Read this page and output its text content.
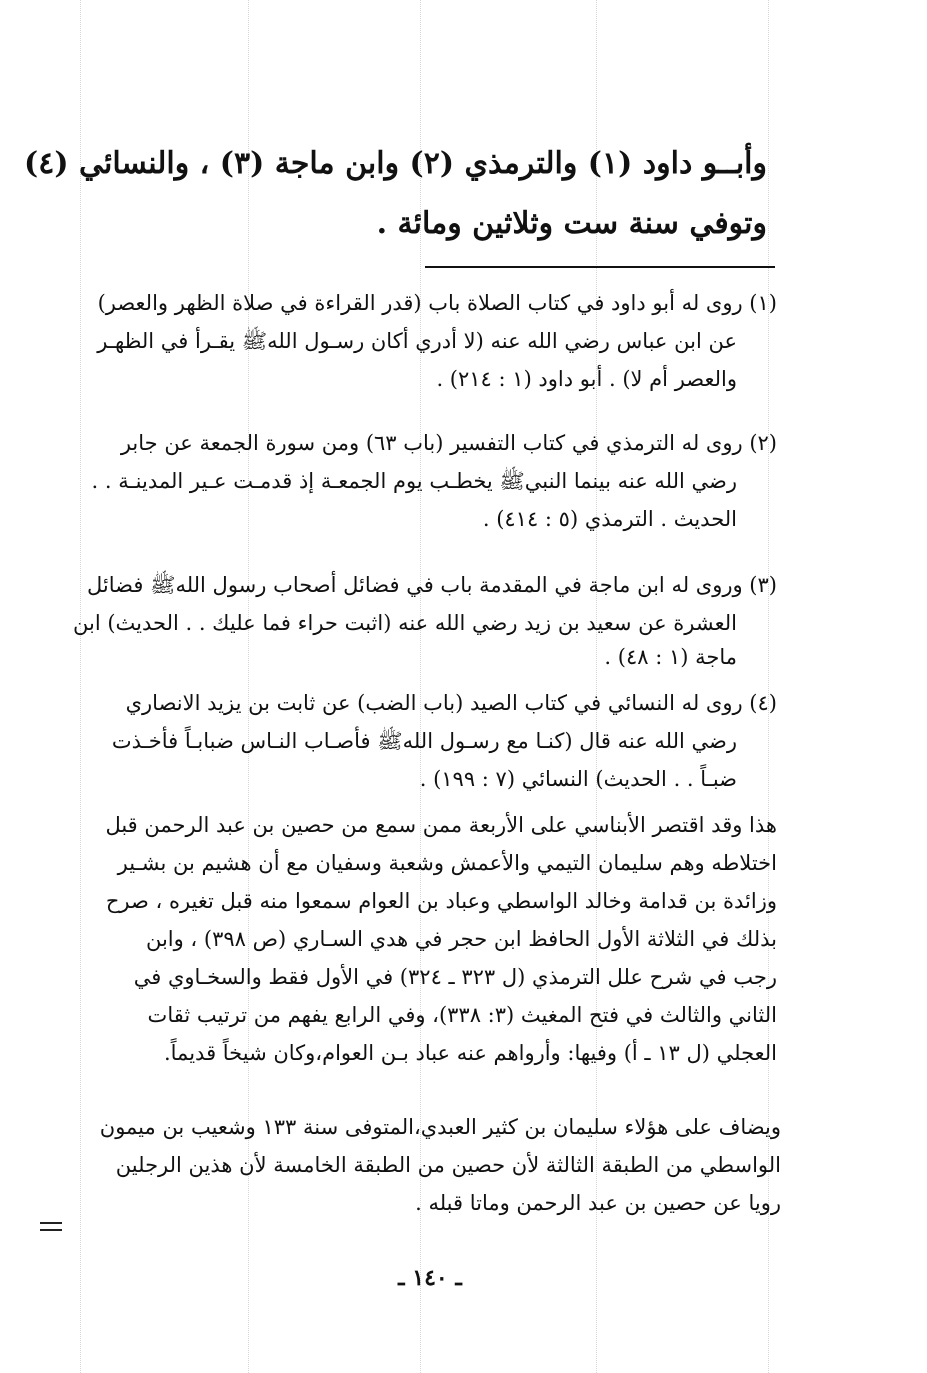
وأبــو داود (١) والترمذي (٢) وابن ماجة (٣) ، والنسائي (٤)
وتوفي سنة ست وثلاثين ومائة .
(١) روى له أبو داود في كتاب الصلاة باب (قدر القراءة في صلاة الظهر والعصر)
عن ابن عباس رضي الله عنه (لا أدري أكان رسـول اللهﷺ يقـرأ في الظهـر
والعصر أم لا) . أبو داود (١ : ٢١٤) .
(٢) روى له الترمذي في كتاب التفسير (باب ٦٣) ومن سورة الجمعة عن جابر
رضي الله عنه بينما النبيﷺ يخطـب يوم الجمعـة إذ قدمـت عـير المدينـة . .
الحديث . الترمذي (٥ : ٤١٤) .
(٣) وروى له ابن ماجة في المقدمة باب في فضائل أصحاب رسول اللهﷺ فضائل
العشرة عن سعيد بن زيد رضي الله عنه (اثبت حراء فما عليك . . الحديث) ابن
ماجة (١ : ٤٨) .
(٤) روى له النسائي في كتاب الصيد (باب الضب) عن ثابت بن يزيد الانصاري
رضي الله عنه قال (كنـا مع رسـول اللهﷺ فأصـاب النـاس ضبابـاً فأخـذت
ضبـاً . . الحديث) النسائي (٧ : ١٩٩) .
هذا وقد اقتصر الأبناسي على الأربعة ممن سمع من حصين بن عبد الرحمن قبل
اختلاطه وهم سليمان التيمي والأعمش وشعبة وسفيان مع أن هشيم بن بشـير
وزائدة بن قدامة وخالد الواسطي وعباد بن العوام سمعوا منه قبل تغيره ، صرح
بذلك في الثلاثة الأول الحافظ ابن حجر في هدي السـاري (ص ٣٩٨) ، وابن
رجب في شرح علل الترمذي (ل ٣٢٣ ـ ٣٢٤) في الأول فقط والسخـاوي في
الثاني والثالث في فتح المغيث (٣: ٣٣٨)، وفي الرابع يفهم من ترتيب ثقات
العجلي (ل ١٣ ـ أ) وفيها: وأرواهم عنه عباد بـن العوام،وكان شيخاً قديماً.
ويضاف على هؤلاء سليمان بن كثير العبدي،المتوفى سنة ١٣٣ وشعيب بن ميمون
الواسطي من الطبقة الثالثة لأن حصين من الطبقة الخامسة لأن هذين الرجلين
رويا عن حصين بن عبد الرحمن وماتا قبله .
ـ ١٤٠ ـ
